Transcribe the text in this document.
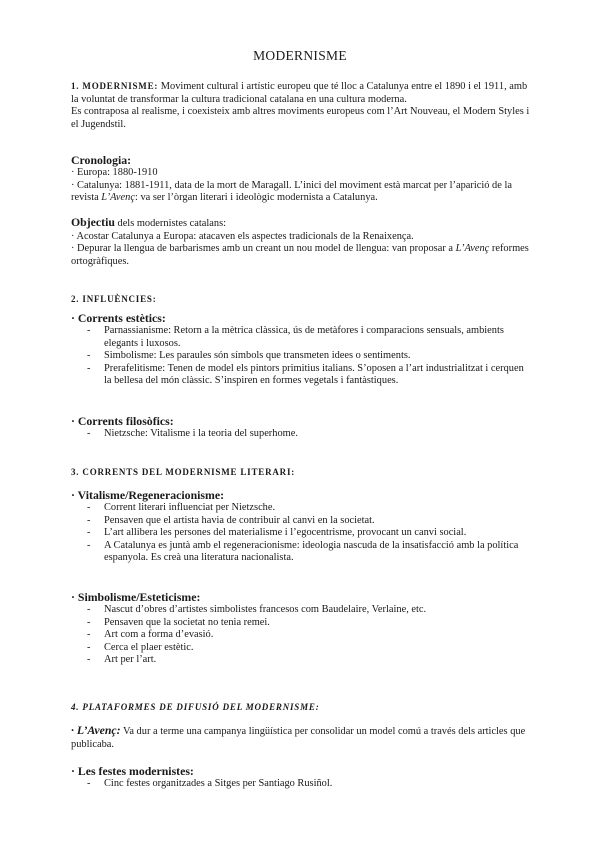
MODERNISME

1. MODERNISME: Moviment cultural i artístic europeu que té lloc a Catalunya entre el 1890 i el 1911, amb la voluntat de transformar la cultura tradicional catalana en una cultura moderna.

Es contraposa al realisme, i coexisteix amb altres moviments europeus com l’Art Nouveau, el Modern Styles i el Jugendstil.

Cronologia:

· Europa: 1880-1910

· Catalunya: 1881-1911, data de la mort de Maragall. L’inici del moviment està marcat per l’aparició de la revista L’Avenç: va ser l’òrgan literari i ideològic modernista a Catalunya.

Objectiu dels modernistes catalans:

· Acostar Catalunya a Europa: atacaven els aspectes tradicionals de la Renaixença.

· Depurar la llengua de barbarismes amb un creant un nou model de llengua: van proposar a L’Avenç reformes ortogràfiques.

2. INFLUÈNCIES:

· Corrents estètics:

- Parnassianisme: Retorn a la mètrica clàssica, ús de metàfores i comparacions sensuals, ambients elegants i luxosos.
- Simbolisme: Les paraules són símbols que transmeten idees o sentiments.
- Prerafelitisme: Tenen de model els pintors primitius italians. S’oposen a l’art industrialitzat i cerquen la bellesa del món clàssic. S’inspiren en formes vegetals i fantàstiques.

· Corrents filosòfics:

- Nietzsche: Vitalisme i la teoria del superhome.
3. CORRENTS DEL MODERNISME LITERARI:

· Vitalisme/Regeneracionisme:

- Corrent literari influenciat per Nietzsche.
- Pensaven que el artista havia de contribuir al canvi en la societat.
- L’art allibera les persones del materialisme i l’egocentrisme, provocant un canvi social.
- A Catalunya es juntà amb el regeneracionisme: ideologia nascuda de la insatisfacció amb la política espanyola. Es creà una literatura nacionalista.

· Simbolisme/Esteticisme:

- Nascut d’obres d’artistes simbolistes francesos com Baudelaire, Verlaine, etc.
- Pensaven que la societat no tenia remei.
- Art com a forma d’evasió.
- Cerca el plaer estètic.
- Art per l’art.
4. PLATAFORMES DE DIFUSIÓ DEL MODERNISME:

· L’Avenç: Va dur a terme una campanya lingüística per consolidar un model comú a través dels articles que publicaba.

· Les festes modernistes:

- Cinc festes organitzades a Sitges per Santiago Rusiñol.
